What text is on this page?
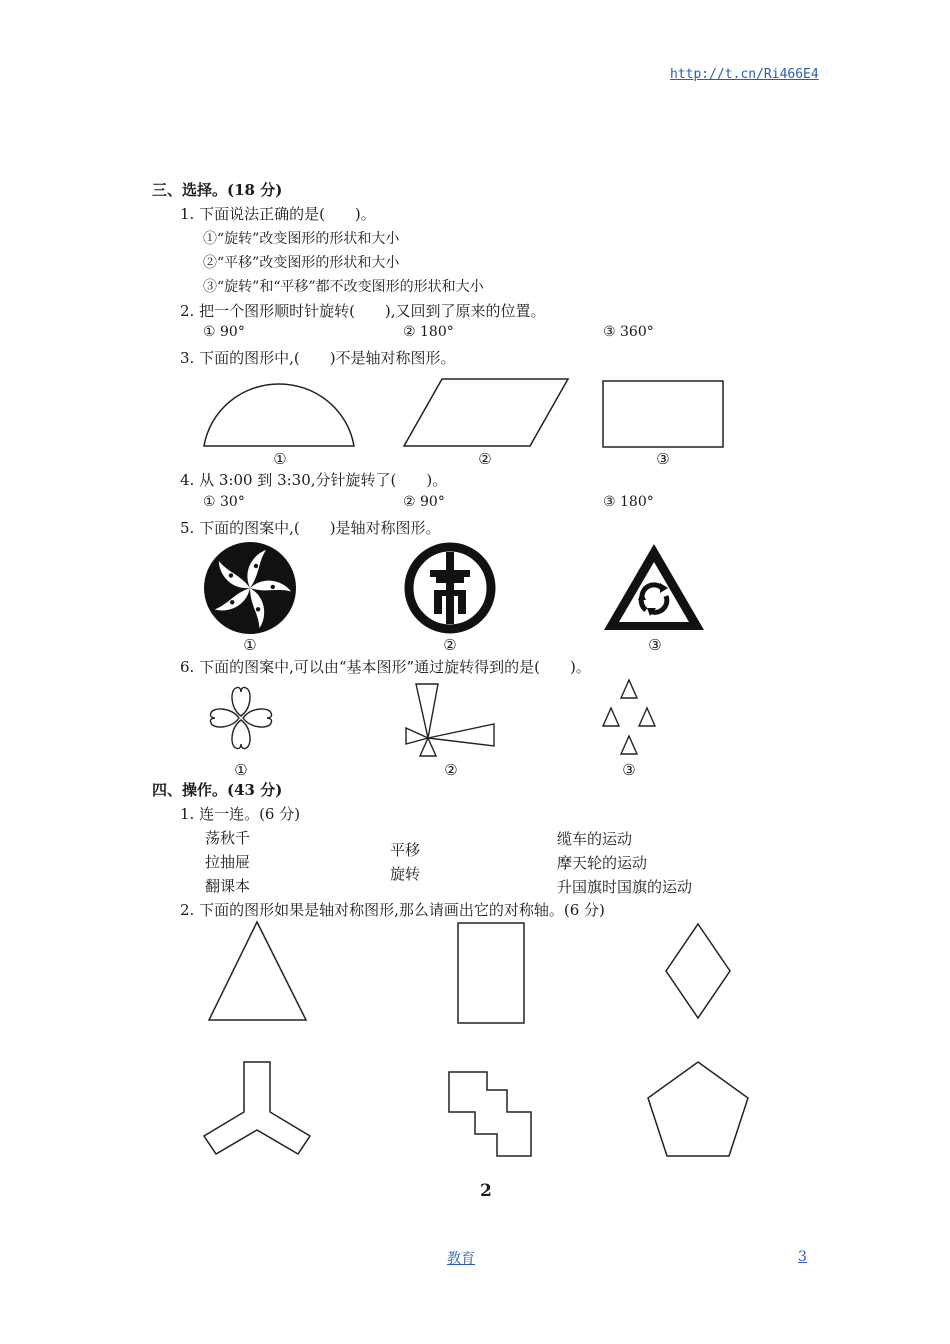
http://t.cn/Ri466E4
三、选择。(18 分)
1. 下面说法正确的是(　　)。
①“旋转”改变图形的形状和大小
②“平移”改变图形的形状和大小
③“旋转”和“平移”都不改变图形的形状和大小
2. 把一个图形顺时针旋转(　　),又回到了原来的位置。
① 90°	② 180°	③ 360°
3. 下面的图形中,(　　)不是轴对称图形。
①	②	③
4. 从 3:00 到 3:30,分针旋转了(　　)。
① 30°	② 90°	③ 180°
5. 下面的图案中,(　　)是轴对称图形。
①	②	③
6. 下面的图案中,可以由“基本图形”通过旋转得到的是(　　)。
①	②	③
四、操作。(43 分)
1. 连一连。(6 分)
荡秋千
拉抽屉
翻课本
平移
旋转
缆车的运动
摩天轮的运动
升国旗时国旗的运动
2. 下面的图形如果是轴对称图形,那么请画出它的对称轴。(6 分)
2
教育	3
